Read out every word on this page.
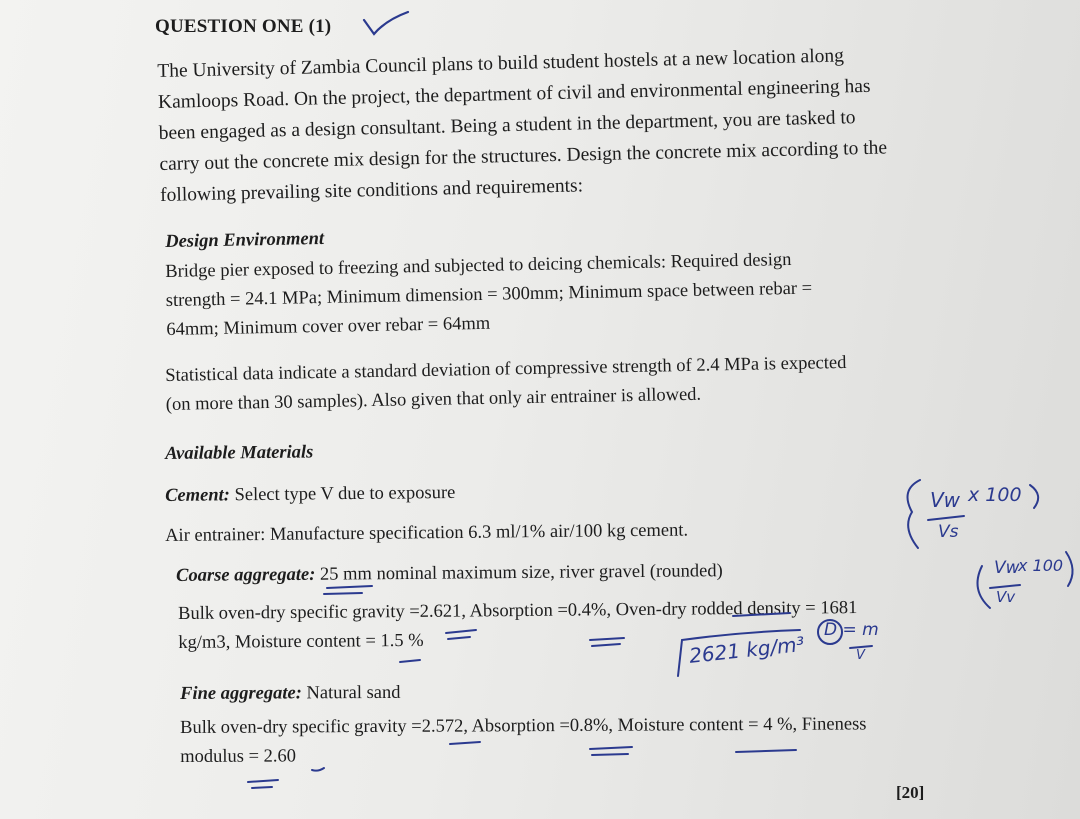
QUESTION ONE (1)
The University of Zambia Council plans to build student hostels at a new location along
Kamloops Road. On the project, the department of civil and environmental engineering has
been engaged as a design consultant. Being a student in the department, you are tasked to
carry out the concrete mix design for the structures. Design the concrete mix according to the
following prevailing site conditions and requirements:
Design Environment
Bridge pier exposed to freezing and subjected to deicing chemicals: Required design
strength = 24.1 MPa; Minimum dimension = 300mm; Minimum space between rebar =
64mm; Minimum cover over rebar = 64mm
Statistical data indicate a standard deviation of compressive strength of 2.4 MPa is expected
(on more than 30 samples). Also given that only air entrainer is allowed.
Available Materials
Cement: Select type V due to exposure
Air entrainer: Manufacture specification 6.3 ml/1% air/100 kg cement.
Coarse aggregate: 25 mm nominal maximum size, river gravel (rounded)
Bulk oven-dry specific gravity =2.621, Absorption =0.4%, Oven-dry rodded density = 1681
kg/m3, Moisture content = 1.5 %
Fine aggregate: Natural sand
Bulk oven-dry specific gravity =2.572, Absorption =0.8%, Moisture content = 4 %, Fineness
modulus = 2.60
[20]
Vw
Vs
x 100
Vw
Vv
x 100
2621 kg/m³
D = m
V
